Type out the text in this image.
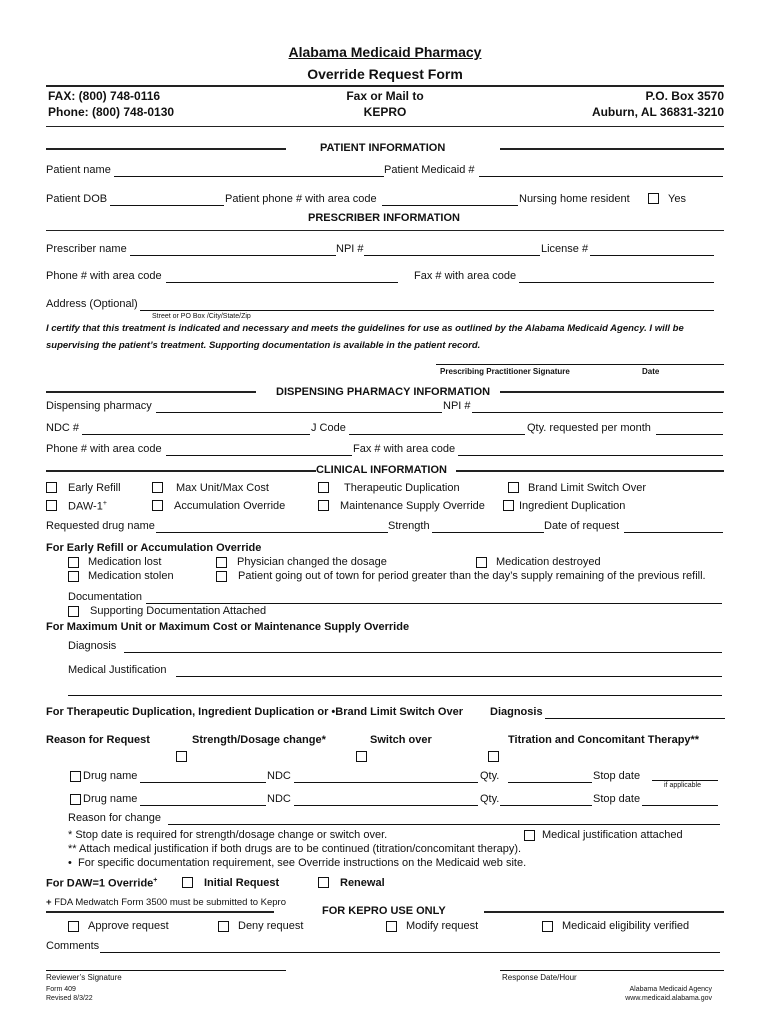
Alabama Medicaid Pharmacy
Override Request Form
FAX: (800) 748-0116
Phone: (800) 748-0130
Fax or Mail to
KEPRO
P.O. Box 3570
Auburn, AL 36831-3210
PATIENT INFORMATION
Patient name	Patient Medicaid #
Patient DOB	Patient phone # with area code	Nursing home resident	Yes
PRESCRIBER INFORMATION
Prescriber name	NPI #	License #
Phone # with area code	Fax # with area code
Address (Optional)
Street or PO Box /City/State/Zip
I certify that this treatment is indicated and necessary and meets the guidelines for use as outlined by the Alabama Medicaid Agency. I will be
supervising the patient’s treatment. Supporting documentation is available in the patient record.
Prescribing Practitioner Signature	Date
DISPENSING PHARMACY INFORMATION
Dispensing pharmacy	NPI #
NDC #	J Code	Qty. requested per month
Phone # with area code	Fax # with area code
CLINICAL INFORMATION
Early Refill	Max Unit/Max Cost	Therapeutic Duplication	Brand Limit Switch Over
DAW-1+	Accumulation Override	Maintenance Supply Override	Ingredient Duplication
Requested drug name	Strength	Date of request
For Early Refill or Accumulation Override
Medication lost	Physician changed the dosage	Medication destroyed
Medication stolen	Patient going out of town for period greater than the day’s supply remaining of the previous refill.
Documentation
Supporting Documentation Attached
For Maximum Unit or Maximum Cost or Maintenance Supply Override
Diagnosis
Medical Justification
For Therapeutic Duplication, Ingredient Duplication or •Brand Limit Switch Over Diagnosis
Reason for Request	Strength/Dosage change*	Switch over	Titration and Concomitant Therapy**
Drug name	NDC	Qty.	Stop date
if applicable
Drug name	NDC	Qty.	Stop date
Reason for change
* Stop date is required for strength/dosage change or switch over.	Medical justification attached
** Attach medical justification if both drugs are to be continued (titration/concomitant therapy).
• For specific documentation requirement, see Override instructions on the Medicaid web site.
For DAW=1 Override+	Initial Request	Renewal
+ FDA Medwatch Form 3500 must be submitted to Kepro
FOR KEPRO USE ONLY
Approve request	Deny request	Modify request	Medicaid eligibility verified
Comments
Reviewer’s Signature	Response Date/Hour
Form 409
Revised 8/3/22
Alabama Medicaid Agency
www.medicaid.alabama.gov
